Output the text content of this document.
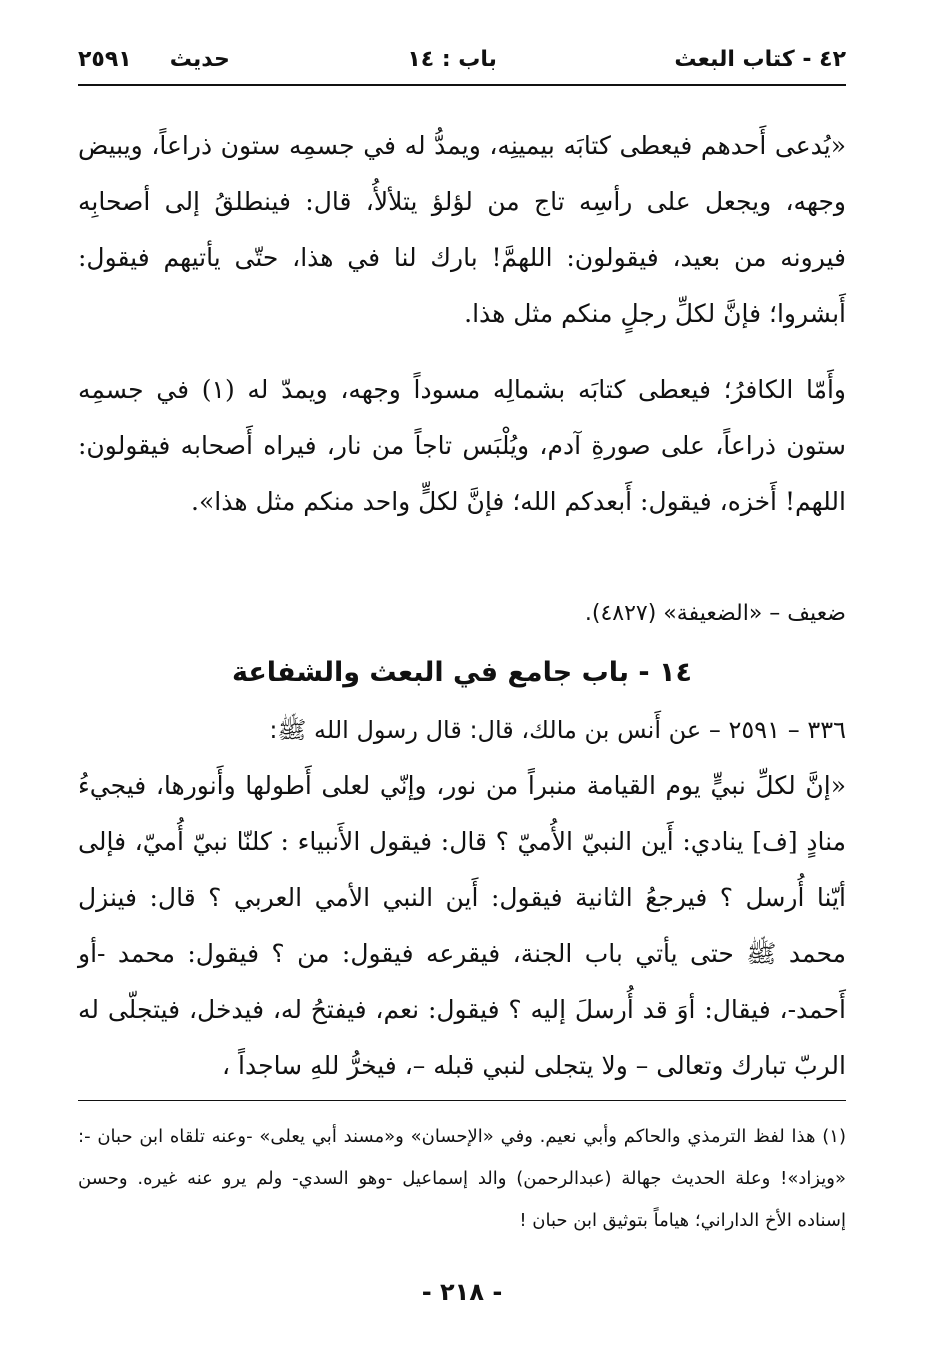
٤٢ - كتاب البعث
باب : ١٤
حديث
٢٥٩١
«يُدعى أَحدهم فيعطى كتابَه بيمينِه، ويمدُّ له في جسمِه ستون ذراعاً، ويبيض وجهه، ويجعل على رأسِه تاج من لؤلؤ يتلألأُ، قال: فينطلقُ إلى أصحابِه فيرونه من بعيد، فيقولون: اللهمَّ! بارك لنا في هذا، حتّى يأتيهم فيقول: أَبشروا؛ فإنَّ لكلِّ رجلٍ منكم مثل هذا.
وأَمّا الكافرُ؛ فيعطى كتابَه بشمالِه مسوداً وجهه، ويمدّ له (١) في جسمِه ستون ذراعاً، على صورةِ آدم، ويُلْبَس تاجاً من نار، فيراه أَصحابه فيقولون: اللهم! أَخزه، فيقول: أَبعدكم الله؛ فإنَّ لكلٍّ واحد منكم مثل هذا».
ضعيف – «الضعيفة» (٤٨٢٧).
١٤ - باب جامع في البعث والشفاعة
٣٣٦ – ٢٥٩١ – عن أَنس بن مالك، قال: قال رسول الله ﷺ:
«إنَّ لكلِّ نبيٍّ يوم القيامة منبراً من نور، وإنّي لعلى أَطولها وأَنورها، فيجيءُ منادٍ [ف] ينادي: أَين النبيّ الأُميّ ؟ قال: فيقول الأَنبياء : كلنّا نبيّ أُميّ، فإلى أيّنا أُرسل ؟ فيرجعُ الثانية فيقول: أَين النبي الأمي العربي ؟ قال: فينزل محمد ﷺ حتى يأتي باب الجنة، فيقرعه فيقول: من ؟ فيقول: محمد -أو أَحمد-، فيقال: أوَ قد أُرسلَ إليه ؟ فيقول: نعم، فيفتحُ له، فيدخل، فيتجلّى له الربّ تبارك وتعالى – ولا يتجلى لنبي قبله –، فيخرُّ للهِ ساجداً ،
(١) هذا لفظ الترمذي والحاكم وأبي نعيم. وفي «الإحسان» و«مسند أبي يعلى» -وعنه تلقاه ابن حبان -: «ويزاد»! وعلة الحديث جهالة (عبدالرحمن) والد إسماعيل -وهو السدي- ولم يرو عنه غيره. وحسن إسناده الأخ الداراني؛ هياماً بتوثيق ابن حبان !
- ٢١٨ -
